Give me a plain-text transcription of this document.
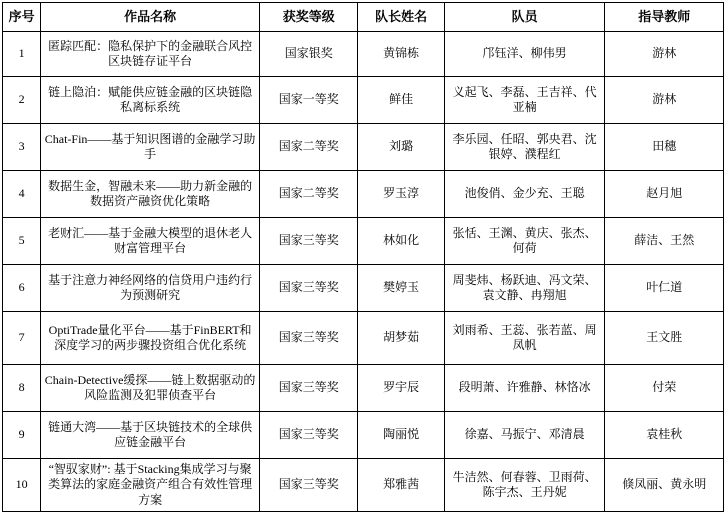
序号	作品名称	获奖等级	队长姓名	队员	指导教师
1	匿踪匹配：隐私保护下的金融联合风控区块链存证平台	国家银奖	黄锦栋	邝钰洋、柳伟男	游林
2	链上隐泊：赋能供应链金融的区块链隐私离标系统	国家一等奖	鲜佳	义起飞、李磊、王吉祥、代亚楠	游林
3	Chat-Fin——基于知识图谱的金融学习助手	国家二等奖	刘璐	李乐园、任昭、郭央君、沈银婷、濮程红	田穗
4	数据生金，智融未来——助力新金融的数据资产融资优化策略	国家二等奖	罗玉淳	池俊俏、金少充、王聪	赵月旭
5	老财汇——基于金融大模型的退休老人财富管理平台	国家三等奖	林如化	张恬、王渊、黄庆、张杰、何荷	薛洁、王然
6	基于注意力神经网络的信贷用户违约行为预测研究	国家三等奖	樊婷玉	周斐炜、杨跃迪、冯文荣、袁文静、冉翔旭	叶仁道
7	OptiTrade量化平台——基于FinBERT和深度学习的两步骤投资组合优化系统	国家三等奖	胡梦茹	刘雨希、王蕊、张若蓝、周凤帆	王文胜
8	Chain-Detective缓探——链上数据驱动的风险监测及犯罪侦查平台	国家三等奖	罗宇辰	段明萧、许雅静、林恪冰	付荣
9	链通大湾——基于区块链技术的全球供应链金融平台	国家三等奖	陶丽悦	徐嘉、马振宁、邓清晨	袁桂秋
10	“智驭家财”: 基于Stacking集成学习与聚类算法的家庭金融资产组合有效性管理方案	国家三等奖	郑雅茜	牛洁然、何春蓉、卫雨荷、陈宇杰、王丹妮	倏凤丽、黄永明
